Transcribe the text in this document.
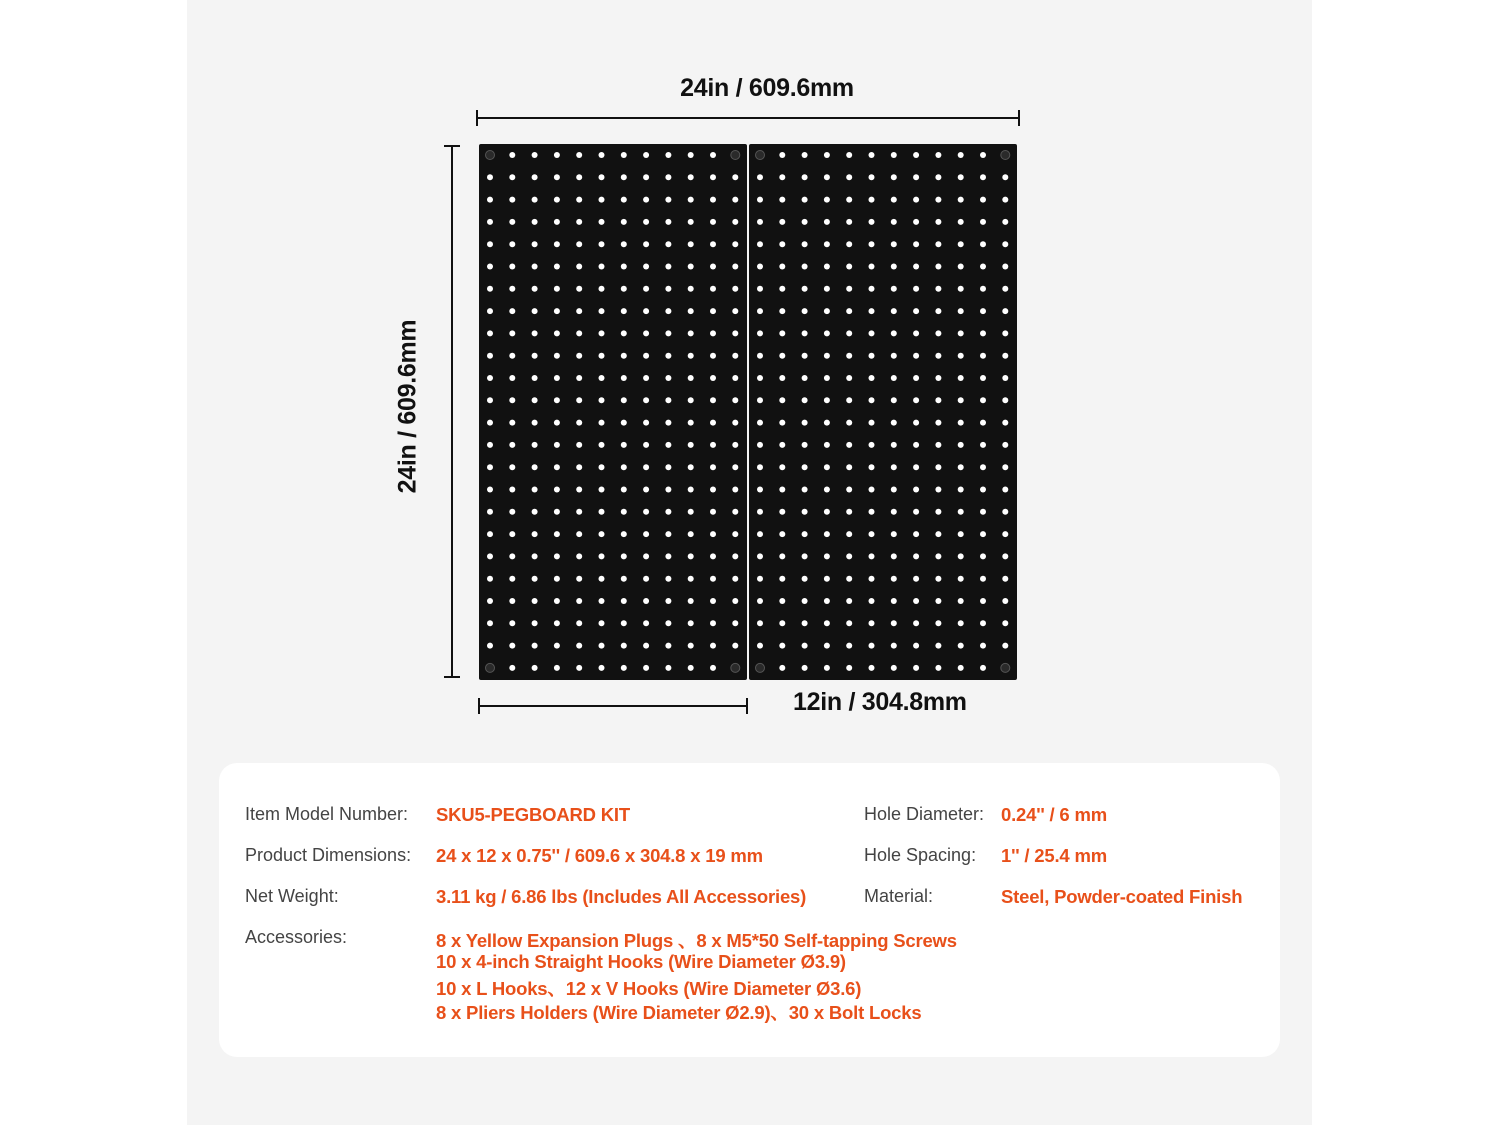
24in / 609.6mm
24in / 609.6mm
12in / 304.8mm
Item Model Number: SKU5-PEGBOARD KIT
Product Dimensions: 24 x 12 x 0.75'' / 609.6 x 304.8 x 19 mm
Net Weight:	3.11 kg / 6.86 lbs (Includes All Accessories)
Hole Diameter: 0.24'' / 6 mm
Hole Spacing: 1'' / 25.4 mm
Material:	Steel, Powder-coated Finish
Accessories:	8 x Yellow Expansion Plugs 、8 x M5*50 Self-tapping Screws
10 x 4-inch Straight Hooks (Wire Diameter Ø3.9)
10 x L Hooks、12 x V Hooks (Wire Diameter Ø3.6)
8 x Pliers Holders (Wire Diameter Ø2.9)、30 x Bolt Locks
